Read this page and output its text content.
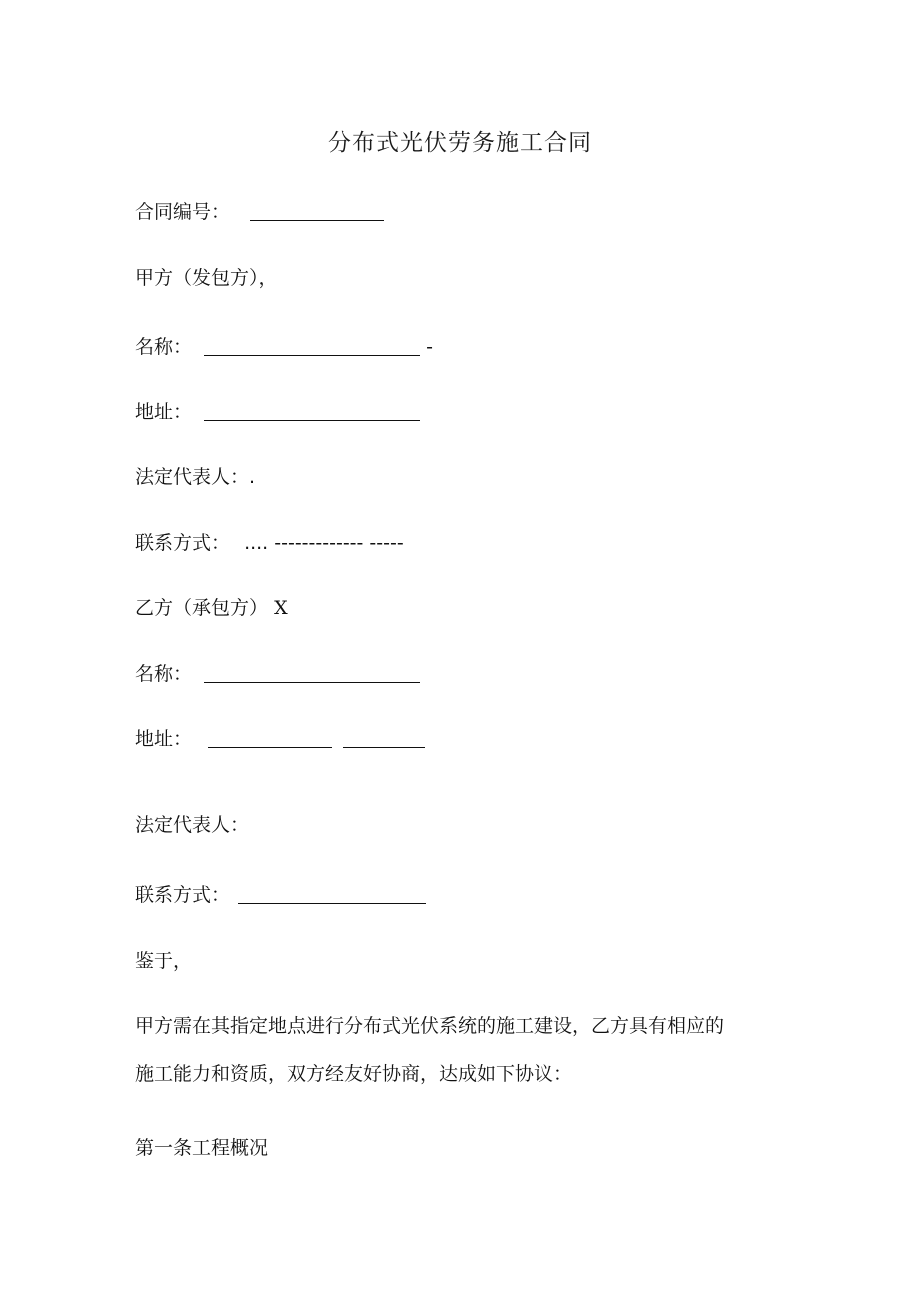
分布式光伏劳务施工合同
合同编号：
甲方（发包方），
名称：	-
地址：
法定代表人：.
联系方式： .... ------------- -----
乙方（承包方） X
名称：
地址：
法定代表人：
联系方式：
鉴于，
甲方需在其指定地点进行分布式光伏系统的施工建设，乙方具有相应的
施工能力和资质，双方经友好协商，达成如下协议：
第一条工程概况
